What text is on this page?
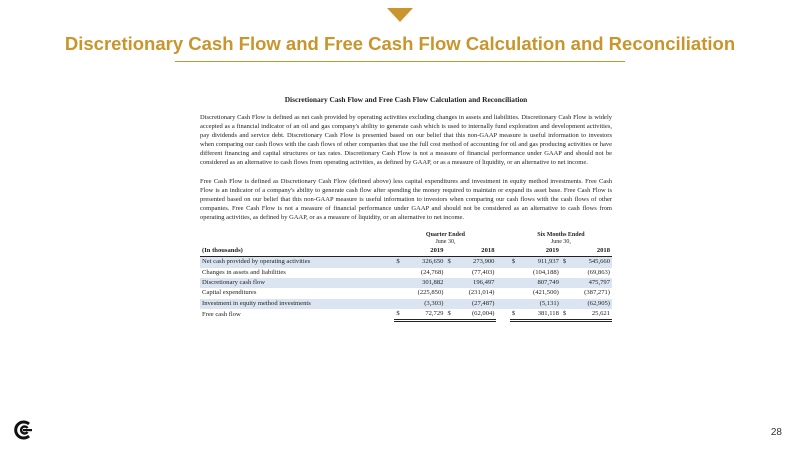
Discretionary Cash Flow and Free Cash Flow Calculation and Reconciliation
Discretionary Cash Flow and Free Cash Flow Calculation and Reconciliation

Discretionary Cash Flow is defined as net cash provided by operating activities excluding changes in assets and liabilities. Discretionary Cash Flow is widely accepted as a financial indicator of an oil and gas company's ability to generate cash which is used to internally fund exploration and development activities, pay dividends and service debt. Discretionary Cash Flow is presented based on our belief that this non-GAAP measure is useful information to investors when comparing our cash flows with the cash flows of other companies that use the full cost method of accounting for oil and gas producing activities or have different financing and capital structures or tax rates. Discretionary Cash Flow is not a measure of financial performance under GAAP and should not be considered as an alternative to cash flows from operating activities, as defined by GAAP, or as a measure of liquidity, or an alternative to net income.

Free Cash Flow is defined as Discretionary Cash Flow (defined above) less capital expenditures and investment in equity method investments. Free Cash Flow is an indicator of a company's ability to generate cash flow after spending the money required to maintain or expand its asset base. Free Cash Flow is presented based on our belief that this non-GAAP measure is useful information to investors when comparing our cash flows with the cash flows of other companies. Free Cash Flow is not a measure of financial performance under GAAP and should not be considered as an alternative to cash flows from operating activities, as defined by GAAP, or as a measure of liquidity, or an alternative to net income.

	Quarter Ended
June 30,					Six Months Ended
June 30,			

(In thousands)	2019		2018			2019		2018	
Net cash provided by operating activities	$	326,650	$	273,900		$	911,937	$	545,660
Changes in assets and liabilities		(24,768)		(77,403)			(104,188)		(69,863)
Discretionary cash flow		301,882		196,497			807,749		475,797
Capital expenditures		(225,850)		(231,014)			(421,500)		(387,271)
Investment in equity method investments		(3,303)		(27,487)			(5,131)		(62,905)
Free cash flow	$	72,729	$	(62,004)		$	381,118	$	25,621
28
